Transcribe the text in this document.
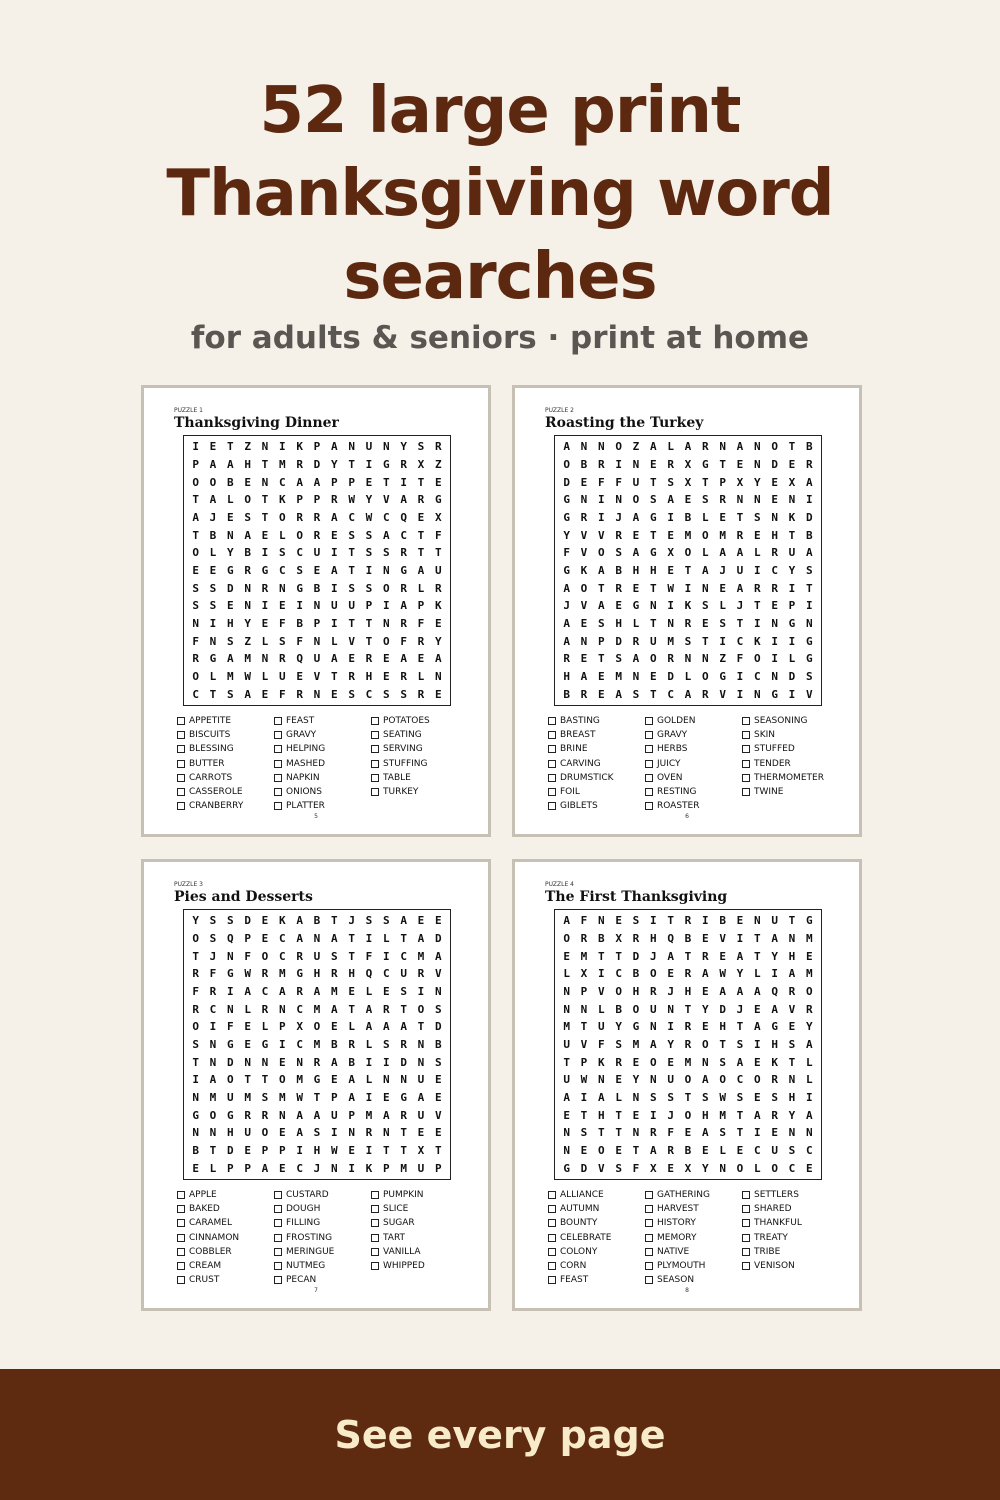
52 large print
Thanksgiving word
searches
for adults & seniors · print at home
PUZZLE 1
Thanksgiving Dinner
I E T Z N I K P A N U N Y S R
P A A H T M R D Y T I G R X Z
O O B E N C A A P P E T I T E
T A L O T K P P R W Y V A R G
A J E S T O R R A C W C Q E X
T B N A E L O R E S S A C T F
O L Y B I S C U I T S S R T T
E E G R G C S E A T I N G A U
S S D N R N G B I S S O R L R
S S E N I E I N U U P I A P K
N I H Y E F B P I T T N R F E
F N S Z L S F N L V T O F R Y
R G A M N R Q U A E R E A E A
O L M W L U E V T R H E R L N
C T S A E F R N E S C S S R E
APPETITE
BISCUITS
BLESSING
BUTTER
CARROTS
CASSEROLE
CRANBERRY
FEAST
GRAVY
HELPING
MASHED
NAPKIN
ONIONS
PLATTER
POTATOES
SEATING
SERVING
STUFFING
TABLE
TURKEY
5
PUZZLE 2
Roasting the Turkey
A N N O Z A L A R N A N O T B
O B R I N E R X G T E N D E R
D E F F U T S X T P X Y E X A
G N I N O S A E S R N N E N I
G R I J A G I B L E T S N K D
Y V V R E T E M O M R E H T B
F V O S A G X O L A A L R U A
G K A B H H E T A J U I C Y S
A O T R E T W I N E A R R I T
J V A E G N I K S L J T E P I
A E S H L T N R E S T I N G N
A N P D R U M S T I C K I I G
R E T S A O R N N Z F O I L G
H A E M N E D L O G I C N D S
B R E A S T C A R V I N G I V
BASTING
BREAST
BRINE
CARVING
DRUMSTICK
FOIL
GIBLETS
GOLDEN
GRAVY
HERBS
JUICY
OVEN
RESTING
ROASTER
SEASONING
SKIN
STUFFED
TENDER
THERMOMETER
TWINE
6
PUZZLE 3
Pies and Desserts
Y S S D E K A B T J S S A E E
O S Q P E C A N A T I L T A D
T J N F O C R U S T F I C M A
R F G W R M G H R H Q C U R V
F R I A C A R A M E L E S I N
R C N L R N C M A T A R T O S
O I F E L P X O E L A A A T D
S N G E G I C M B R L S R N B
T N D N N E N R A B I I D N S
I A O T T O M G E A L N N U E
N M U M S M W T P A I E G A E
G O G R R N A A U P M A R U V
N N H U O E A S I N R N T E E
B T D E P P I H W E I T T X T
E L P P A E C J N I K P M U P
APPLE
BAKED
CARAMEL
CINNAMON
COBBLER
CREAM
CRUST
CUSTARD
DOUGH
FILLING
FROSTING
MERINGUE
NUTMEG
PECAN
PUMPKIN
SLICE
SUGAR
TART
VANILLA
WHIPPED
7
PUZZLE 4
The First Thanksgiving
A F N E S I T R I B E N U T G
O R B X R H Q B E V I T A N M
E M T T D J A T R E A T Y H E
L X I C B O E R A W Y L I A M
N P V O H R J H E A A A Q R O
N N L B O U N T Y D J E A V R
M T U Y G N I R E H T A G E Y
U V F S M A Y R O T S I H S A
T P K R E O E M N S A E K T L
U W N E Y N U O A O C O R N L
A I A L N S S T S W S E S H I
E T H T E I J O H M T A R Y A
N S T T N R F E A S T I E N N
N E O E T A R B E L E C U S C
G D V S F X E X Y N O L O C E
ALLIANCE
AUTUMN
BOUNTY
CELEBRATE
COLONY
CORN
FEAST
GATHERING
HARVEST
HISTORY
MEMORY
NATIVE
PLYMOUTH
SEASON
SETTLERS
SHARED
THANKFUL
TREATY
TRIBE
VENISON
8
See every page
